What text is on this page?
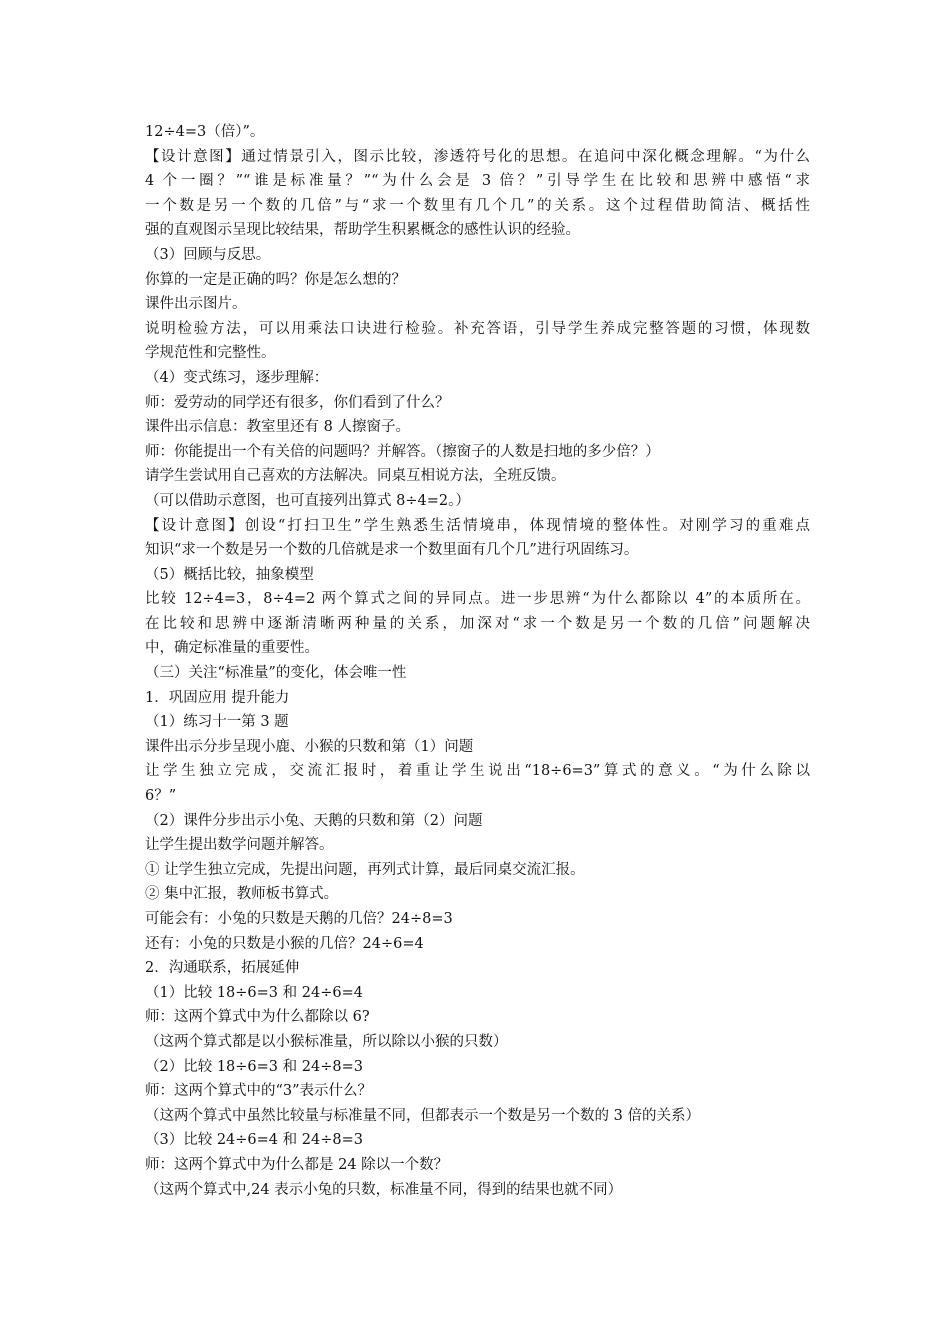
12÷4=3（倍）”。
【设计意图】通过情景引入，图示比较，渗透符号化的思想。在追问中深化概念理解。“为什么
4 个一圈？”“谁是标准量？”“为什么会是 3 倍？”引导学生在比较和思辨中感悟“求
一个数是另一个数的几倍”与“求一个数里有几个几”的关系。这个过程借助简洁、概括性
强的直观图示呈现比较结果，帮助学生积累概念的感性认识的经验。
（3）回顾与反思。
你算的一定是正确的吗？你是怎么想的？
课件出示图片。
说明检验方法，可以用乘法口诀进行检验。补充答语，引导学生养成完整答题的习惯，体现数
学规范性和完整性。
（4）变式练习，逐步理解：
师：爱劳动的同学还有很多，你们看到了什么？
课件出示信息：教室里还有 8 人擦窗子。
师：你能提出一个有关倍的问题吗？并解答。（擦窗子的人数是扫地的多少倍？）
请学生尝试用自己喜欢的方法解决。同桌互相说方法，全班反馈。
（可以借助示意图，也可直接列出算式 8÷4=2。）
【设计意图】创设“打扫卫生”学生熟悉生活情境串，体现情境的整体性。对刚学习的重难点
知识“求一个数是另一个数的几倍就是求一个数里面有几个几”进行巩固练习。
（5）概括比较，抽象模型
比较 12÷4=3，8÷4=2 两个算式之间的异同点。进一步思辨“为什么都除以 4”的本质所在。
在比较和思辨中逐渐清晰两种量的关系，加深对“求一个数是另一个数的几倍”问题解决
中，确定标准量的重要性。
（三）关注“标准量”的变化，体会唯一性
1．巩固应用 提升能力
（1）练习十一第 3 题
课件出示分步呈现小鹿、小猴的只数和第（1）问题
让学生独立完成，交流汇报时，着重让学生说出“18÷6=3”算式的意义。“为什么除以
6？”
（2）课件分步出示小兔、天鹅的只数和第（2）问题
让学生提出数学问题并解答。
① 让学生独立完成，先提出问题，再列式计算，最后同桌交流汇报。
② 集中汇报，教师板书算式。
可能会有：小兔的只数是天鹅的几倍？24÷8=3
还有：小兔的只数是小猴的几倍？24÷6=4
2．沟通联系，拓展延伸
（1）比较 18÷6=3 和 24÷6=4
师：这两个算式中为什么都除以 6?
（这两个算式都是以小猴标准量，所以除以小猴的只数）
（2）比较 18÷6=3 和 24÷8=3
师：这两个算式中的“3”表示什么？
（这两个算式中虽然比较量与标准量不同，但都表示一个数是另一个数的 3 倍的关系）
（3）比较 24÷6=4 和 24÷8=3
师：这两个算式中为什么都是 24 除以一个数？
（这两个算式中,24 表示小兔的只数，标准量不同，得到的结果也就不同）
